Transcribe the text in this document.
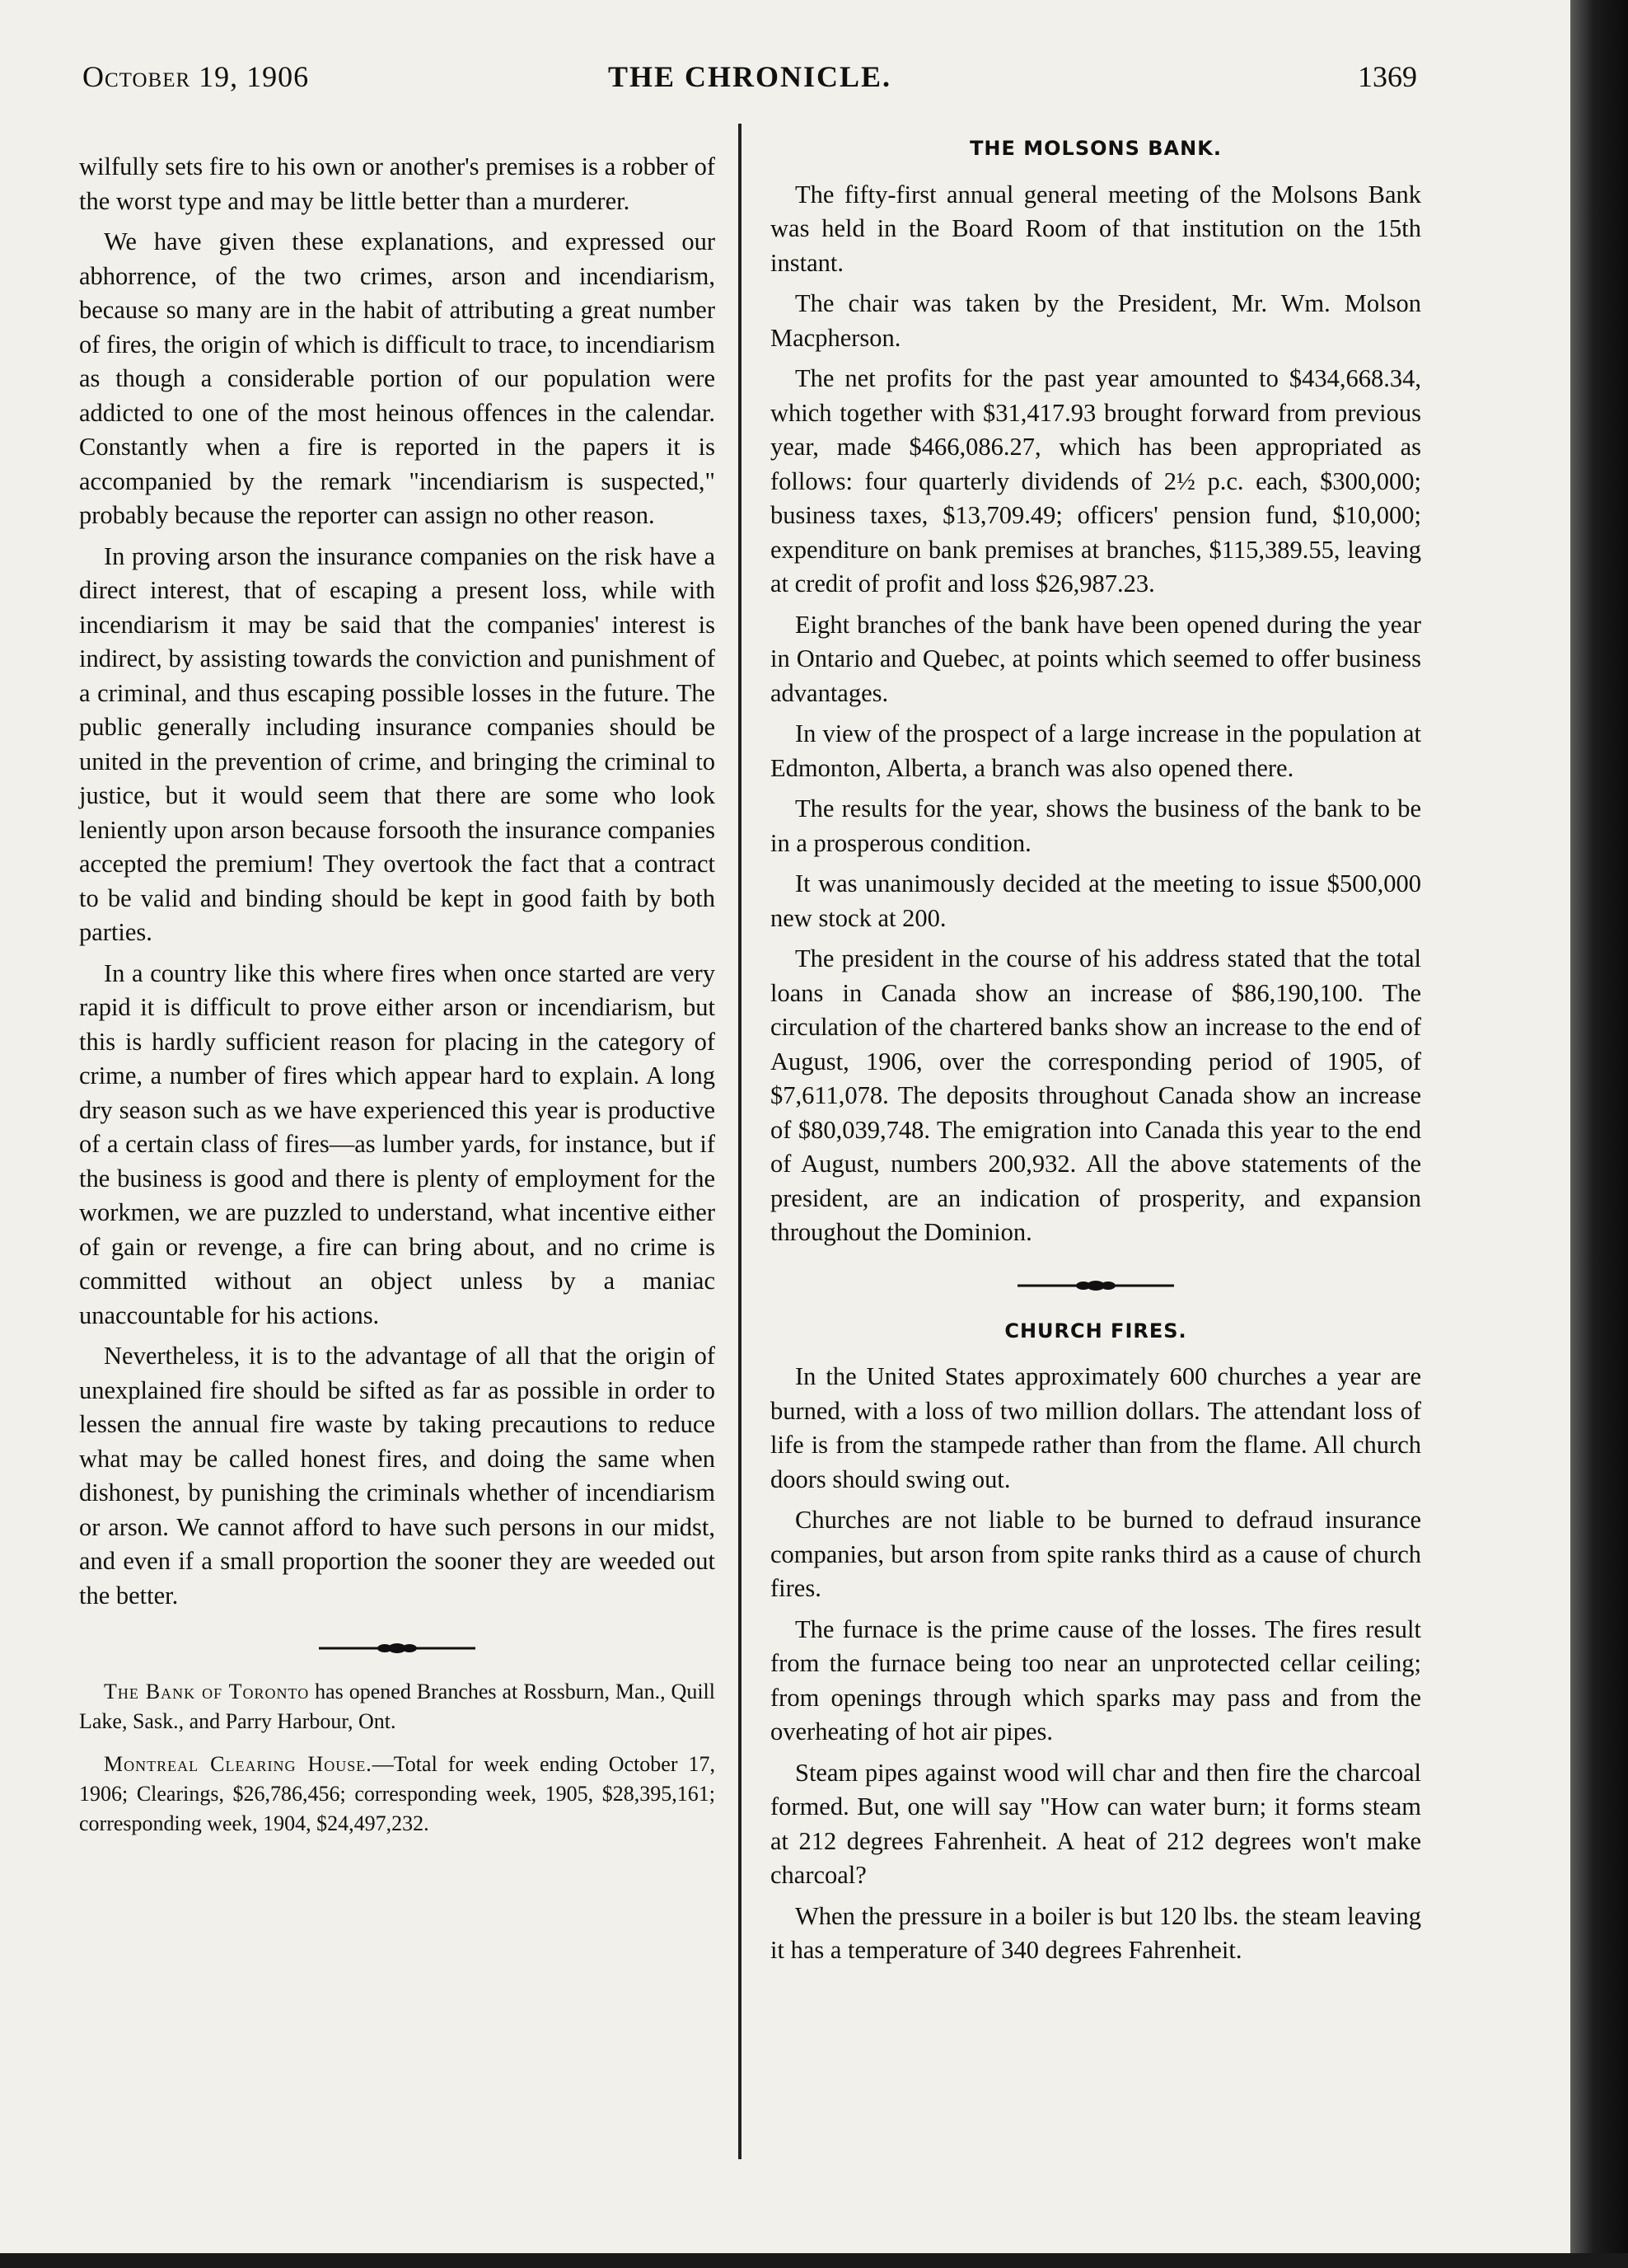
October 19, 1906	THE CHRONICLE.	1369

wilfully sets fire to his own or another's premises is a robber of the worst type and may be little better than a murderer.

We have given these explanations, and expressed our abhorrence, of the two crimes, arson and incendiarism, because so many are in the habit of attributing a great number of fires, the origin of which is difficult to trace, to incendiarism as though a considerable portion of our population were addicted to one of the most heinous offences in the calendar. Constantly when a fire is reported in the papers it is accompanied by the remark "incendiarism is suspected," probably because the reporter can assign no other reason.

In proving arson the insurance companies on the risk have a direct interest, that of escaping a present loss, while with incendiarism it may be said that the companies' interest is indirect, by assisting towards the conviction and punishment of a criminal, and thus escaping possible losses in the future. The public generally including insurance companies should be united in the prevention of crime, and bringing the criminal to justice, but it would seem that there are some who look leniently upon arson because forsooth the insurance companies accepted the premium! They overtook the fact that a contract to be valid and binding should be kept in good faith by both parties.

In a country like this where fires when once started are very rapid it is difficult to prove either arson or incendiarism, but this is hardly sufficient reason for placing in the category of crime, a number of fires which appear hard to explain. A long dry season such as we have experienced this year is productive of a certain class of fires—as lumber yards, for instance, but if the business is good and there is plenty of employment for the workmen, we are puzzled to understand, what incentive either of gain or revenge, a fire can bring about, and no crime is committed without an object unless by a maniac unaccountable for his actions.

Nevertheless, it is to the advantage of all that the origin of unexplained fire should be sifted as far as possible in order to lessen the annual fire waste by taking precautions to reduce what may be called honest fires, and doing the same when dishonest, by punishing the criminals whether of incendiarism or arson. We cannot afford to have such persons in our midst, and even if a small proportion the sooner they are weeded out the better.

The Bank of Toronto has opened Branches at Rossburn, Man., Quill Lake, Sask., and Parry Harbour, Ont.

Montreal Clearing House.—Total for week ending October 17, 1906; Clearings, $26,786,456; corresponding week, 1905, $28,395,161; corresponding week, 1904, $24,497,232.

THE MOLSONS BANK.

The fifty-first annual general meeting of the Molsons Bank was held in the Board Room of that institution on the 15th instant.

The chair was taken by the President, Mr. Wm. Molson Macpherson.

The net profits for the past year amounted to $434,668.34, which together with $31,417.93 brought forward from previous year, made $466,086.27, which has been appropriated as follows: four quarterly dividends of 2½ p.c. each, $300,000; business taxes, $13,709.49; officers' pension fund, $10,000; expenditure on bank premises at branches, $115,389.55, leaving at credit of profit and loss $26,987.23.

Eight branches of the bank have been opened during the year in Ontario and Quebec, at points which seemed to offer business advantages.

In view of the prospect of a large increase in the population at Edmonton, Alberta, a branch was also opened there.

The results for the year, shows the business of the bank to be in a prosperous condition.

It was unanimously decided at the meeting to issue $500,000 new stock at 200.

The president in the course of his address stated that the total loans in Canada show an increase of $86,190,100. The circulation of the chartered banks show an increase to the end of August, 1906, over the corresponding period of 1905, of $7,611,078. The deposits throughout Canada show an increase of $80,039,748. The emigration into Canada this year to the end of August, numbers 200,932. All the above statements of the president, are an indication of prosperity, and expansion throughout the Dominion.

CHURCH FIRES.

In the United States approximately 600 churches a year are burned, with a loss of two million dollars. The attendant loss of life is from the stampede rather than from the flame. All church doors should swing out.

Churches are not liable to be burned to defraud insurance companies, but arson from spite ranks third as a cause of church fires.

The furnace is the prime cause of the losses. The fires result from the furnace being too near an unprotected cellar ceiling; from openings through which sparks may pass and from the overheating of hot air pipes.

Steam pipes against wood will char and then fire the charcoal formed. But, one will say "How can water burn; it forms steam at 212 degrees Fahrenheit. A heat of 212 degrees won't make charcoal?

When the pressure in a boiler is but 120 lbs. the steam leaving it has a temperature of 340 degrees Fahrenheit.
